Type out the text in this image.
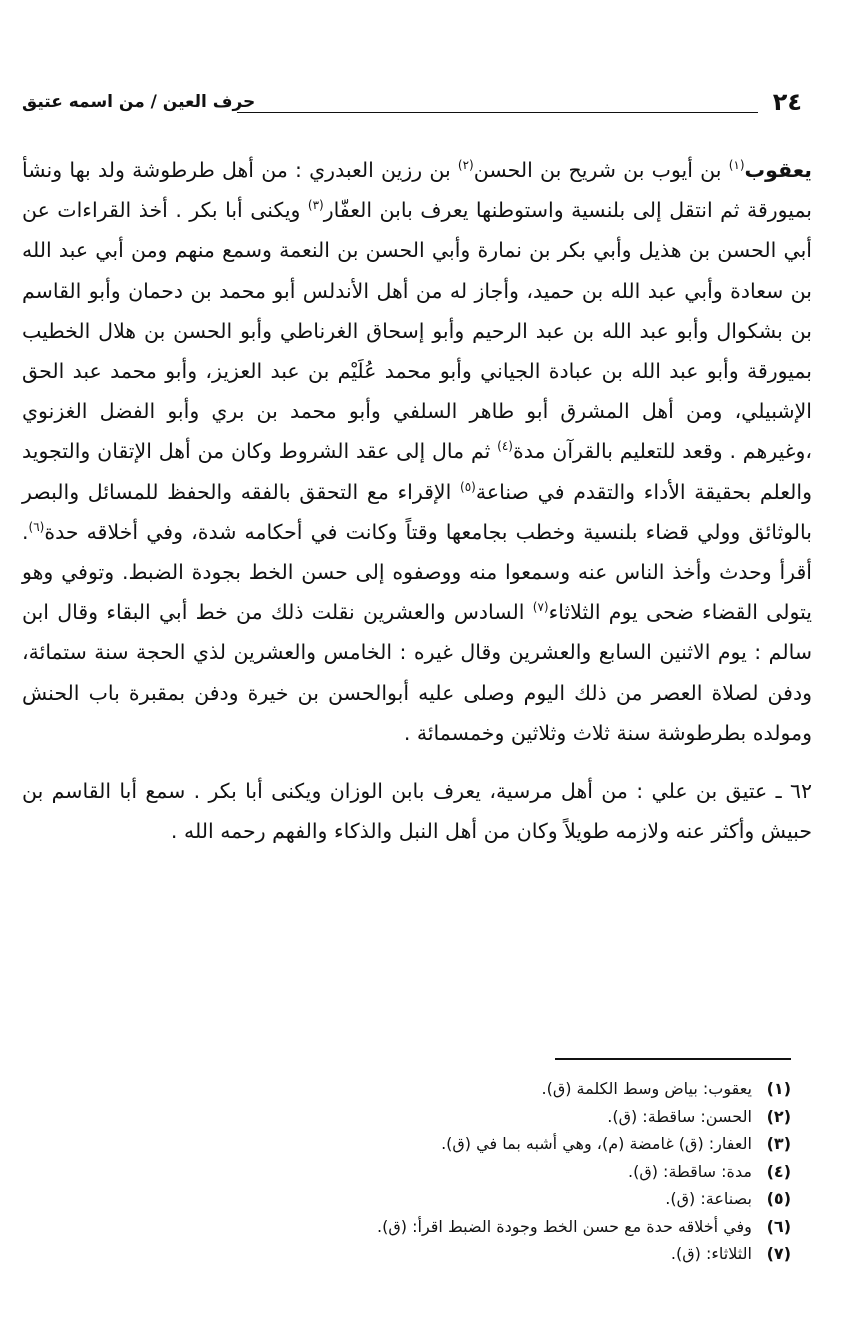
٢٤
حرف العين / من اسمه عتيق

يعقوب$^{(١)}$ بن أيوب بن شريح بن الحسن$^{(٢)}$ بن رزين العبدري : من أهل طرطوشة ولد بها ونشأ بميورقة ثم انتقل إلى بلنسية واستوطنها يعرف بابن العفّار$^{(٣)}$ ويكنى أبا بكر . أخذ القراءات عن أبي الحسن بن هذيل وأبي بكر بن نمارة وأبي الحسن بن النعمة وسمع منهم ومن أبي عبد الله بن سعادة وأبي عبد الله بن حميد، وأجاز له من أهل الأندلس أبو محمد بن دحمان وأبو القاسم بن بشكوال وأبو عبد الله بن عبد الرحيم وأبو إسحاق الغرناطي وأبو الحسن بن هلال الخطيب بميورقة وأبو عبد الله بن عبادة الجياني وأبو محمد عُلَيْم بن عبد العزيز، وأبو محمد عبد الحق الإشبيلي، ومن أهل المشرق أبو طاهر السلفي وأبو محمد بن بري وأبو الفضل الغزنوي ،وغيرهم . وقعد للتعليم بالقرآن مدة$^{(٤)}$ ثم مال إلى عقد الشروط وكان من أهل الإتقان والتجويد والعلم بحقيقة الأداء والتقدم في صناعة$^{(٥)}$ الإقراء مع التحقق بالفقه والحفظ للمسائل والبصر بالوثائق وولي قضاء بلنسية وخطب بجامعها وقتاً وكانت في أحكامه شدة، وفي أخلاقه حدة$^{(٦)}$. أقرأ وحدث وأخذ الناس عنه وسمعوا منه ووصفوه إلى حسن الخط بجودة الضبط. وتوفي وهو يتولى القضاء ضحى يوم الثلاثاء$^{(٧)}$ السادس والعشرين نقلت ذلك من خط أبي البقاء وقال ابن سالم : يوم الاثنين السابع والعشرين وقال غيره : الخامس والعشرين لذي الحجة سنة ستمائة، ودفن لصلاة العصر من ذلك اليوم وصلى عليه أبوالحسن بن خيرة ودفن بمقبرة باب الحنش ومولده بطرطوشة سنة ثلاث وثلاثين وخمسمائة .

٦٢ ـ عتيق بن علي : من أهل مرسية، يعرف بابن الوزان ويكنى أبا بكر . سمع أبا القاسم بن حبيش وأكثر عنه ولازمه طويلاً وكان من أهل النبل والذكاء والفهم رحمه الله .

(١) يعقوب: بياض وسط الكلمة (ق).
(٢) الحسن: ساقطة: (ق).
(٣) العفار: (ق) غامضة (م)، وهي أشبه بما في (ق).
(٤) مدة: ساقطة: (ق).
(٥) بصناعة: (ق).
(٦) وفي أخلاقه حدة مع حسن الخط وجودة الضبط اقرأ: (ق).
(٧) الثلاثاء: (ق).
